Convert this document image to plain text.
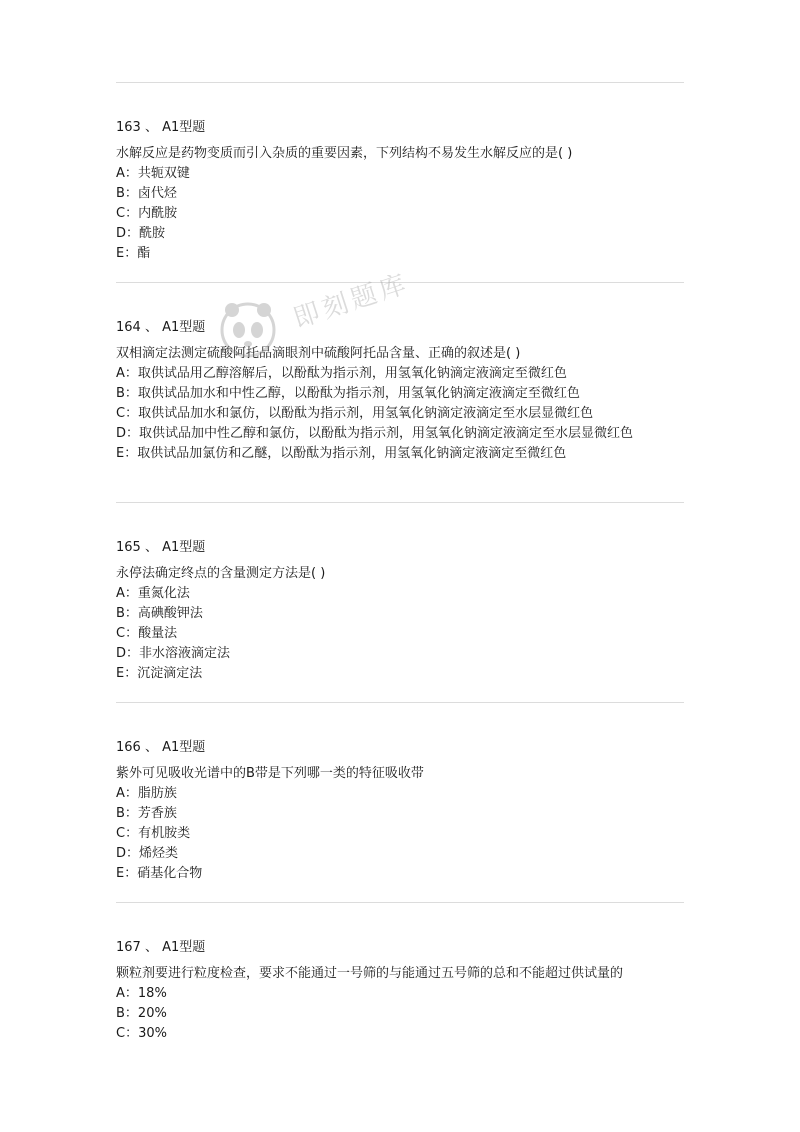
163 、 A1型题
水解反应是药物变质而引入杂质的重要因素，下列结构不易发生水解反应的是( )
A：共轭双键
B：卤代烃
C：内酰胺
D：酰胺
E：酯
164 、 A1型题
双相滴定法测定硫酸阿托品滴眼剂中硫酸阿托品含量、正确的叙述是( )
A：取供试品用乙醇溶解后，以酚酞为指示剂，用氢氧化钠滴定液滴定至微红色
B：取供试品加水和中性乙醇，以酚酞为指示剂，用氢氧化钠滴定液滴定至微红色
C：取供试品加水和氯仿，以酚酞为指示剂，用氢氧化钠滴定液滴定至水层显微红色
D：取供试品加中性乙醇和氯仿，以酚酞为指示剂，用氢氧化钠滴定液滴定至水层显微红色
E：取供试品加氯仿和乙醚，以酚酞为指示剂，用氢氧化钠滴定液滴定至微红色
165 、 A1型题
永停法确定终点的含量测定方法是( )
A：重氮化法
B：高碘酸钾法
C：酸量法
D：非水溶液滴定法
E：沉淀滴定法
166 、 A1型题
紫外可见吸收光谱中的B带是下列哪一类的特征吸收带
A：脂肪族
B：芳香族
C：有机胺类
D：烯烃类
E：硝基化合物
167 、 A1型题
颗粒剂要进行粒度检查，要求不能通过一号筛的与能通过五号筛的总和不能超过供试量的
A：18%
B：20%
C：30%
即刻题库
